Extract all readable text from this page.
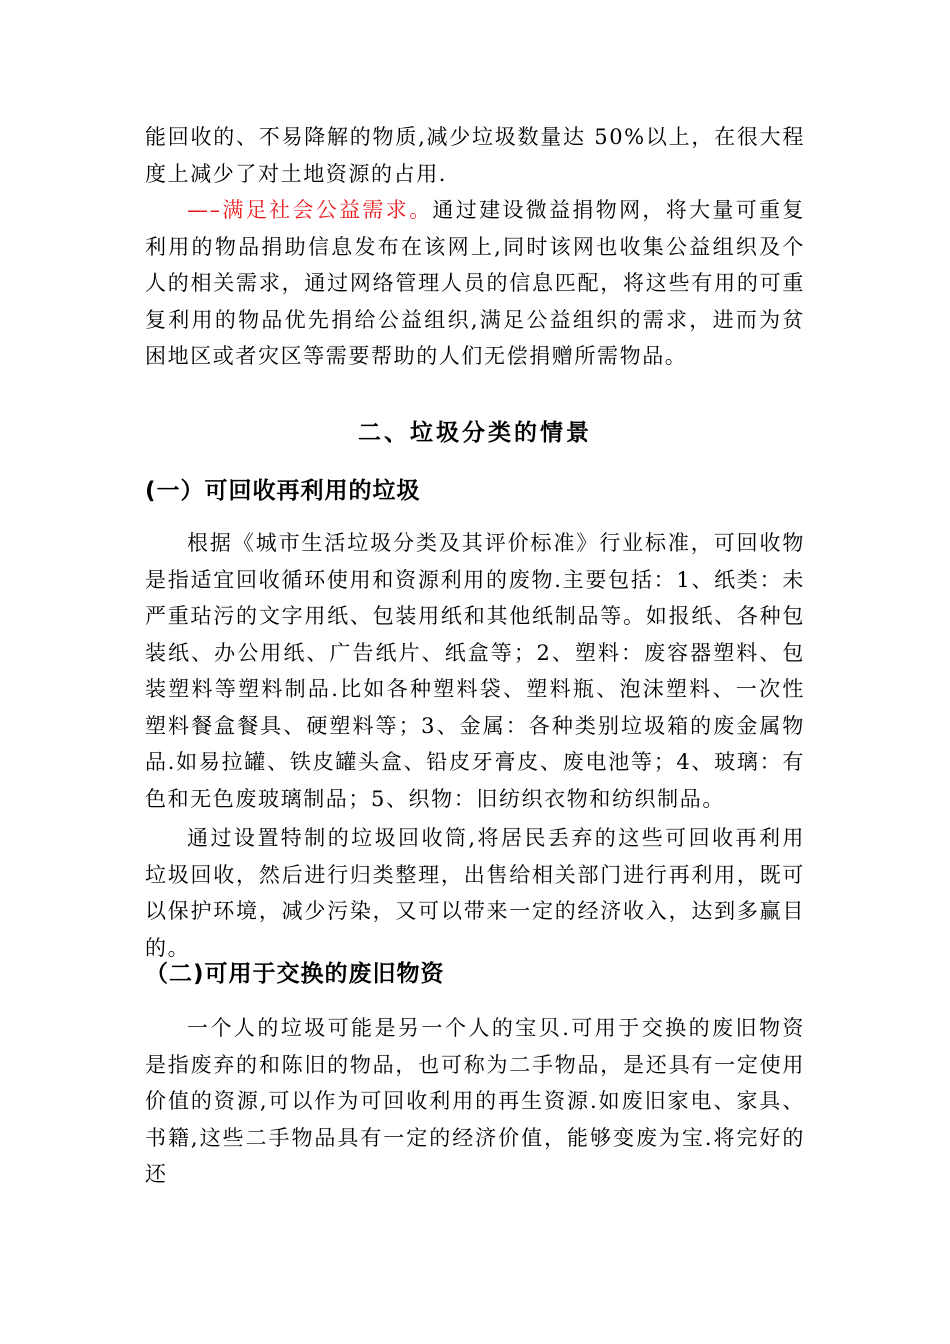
能回收的、不易降解的物质,减少垃圾数量达 50%以上，在很大程度上减少了对土地资源的占用.

—–满足社会公益需求。通过建设微益捐物网，将大量可重复利用的物品捐助信息发布在该网上,同时该网也收集公益组织及个人的相关需求，通过网络管理人员的信息匹配，将这些有用的可重复利用的物品优先捐给公益组织,满足公益组织的需求，进而为贫困地区或者灾区等需要帮助的人们无偿捐赠所需物品。

二、垃圾分类的情景
(一）可回收再利用的垃圾

根据《城市生活垃圾分类及其评价标准》行业标准，可回收物是指适宜回收循环使用和资源利用的废物.主要包括：1、纸类：未严重玷污的文字用纸、包装用纸和其他纸制品等。如报纸、各种包装纸、办公用纸、广告纸片、纸盒等；2、塑料：废容器塑料、包装塑料等塑料制品.比如各种塑料袋、塑料瓶、泡沫塑料、一次性塑料餐盒餐具、硬塑料等；3、金属：各种类别垃圾箱的废金属物品.如易拉罐、铁皮罐头盒、铅皮牙膏皮、废电池等；4、玻璃：有色和无色废玻璃制品；5、织物：旧纺织衣物和纺织制品。

通过设置特制的垃圾回收筒,将居民丢弃的这些可回收再利用垃圾回收，然后进行归类整理，出售给相关部门进行再利用，既可以保护环境，减少污染，又可以带来一定的经济收入，达到多赢目的。

（二)可用于交换的废旧物资

一个人的垃圾可能是另一个人的宝贝.可用于交换的废旧物资是指废弃的和陈旧的物品，也可称为二手物品，是还具有一定使用价值的资源,可以作为可回收利用的再生资源.如废旧家电、家具、书籍,这些二手物品具有一定的经济价值，能够变废为宝.将完好的还
